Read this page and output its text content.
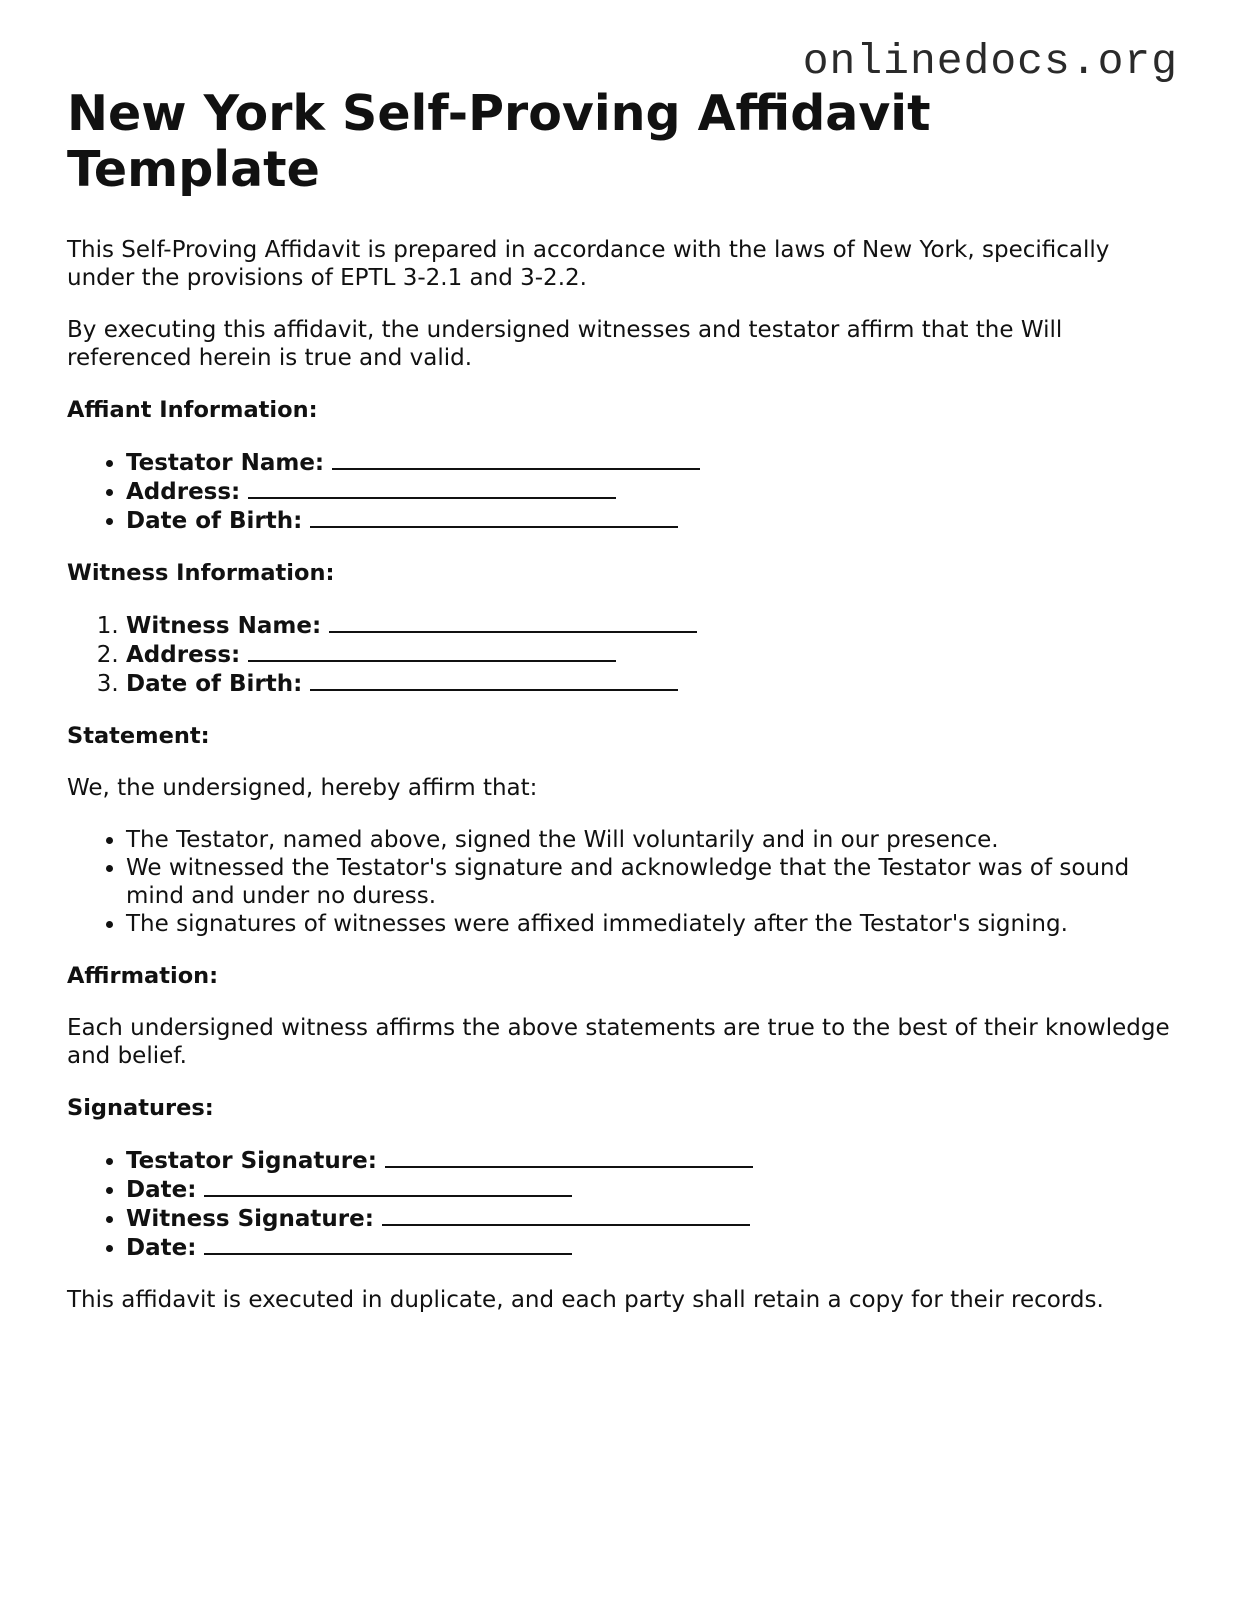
onlinedocs.org
New York Self-Proving Affidavit Template

This Self-Proving Affidavit is prepared in accordance with the laws of New York, specifically under the provisions of EPTL 3-2.1 and 3-2.2.

By executing this affidavit, the undersigned witnesses and testator affirm that the Will referenced herein is true and valid.

Affiant Information:

• Testator Name:
• Address:
• Date of Birth:

Witness Information:

1. Witness Name:
2. Address:
3. Date of Birth:

Statement:

We, the undersigned, hereby affirm that:

• The Testator, named above, signed the Will voluntarily and in our presence.
• We witnessed the Testator's signature and acknowledge that the Testator was of sound mind and under no duress.
• The signatures of witnesses were affixed immediately after the Testator's signing.

Affirmation:

Each undersigned witness affirms the above statements are true to the best of their knowledge and belief.

Signatures:

• Testator Signature:
• Date:
• Witness Signature:
• Date:

This affidavit is executed in duplicate, and each party shall retain a copy for their records.
